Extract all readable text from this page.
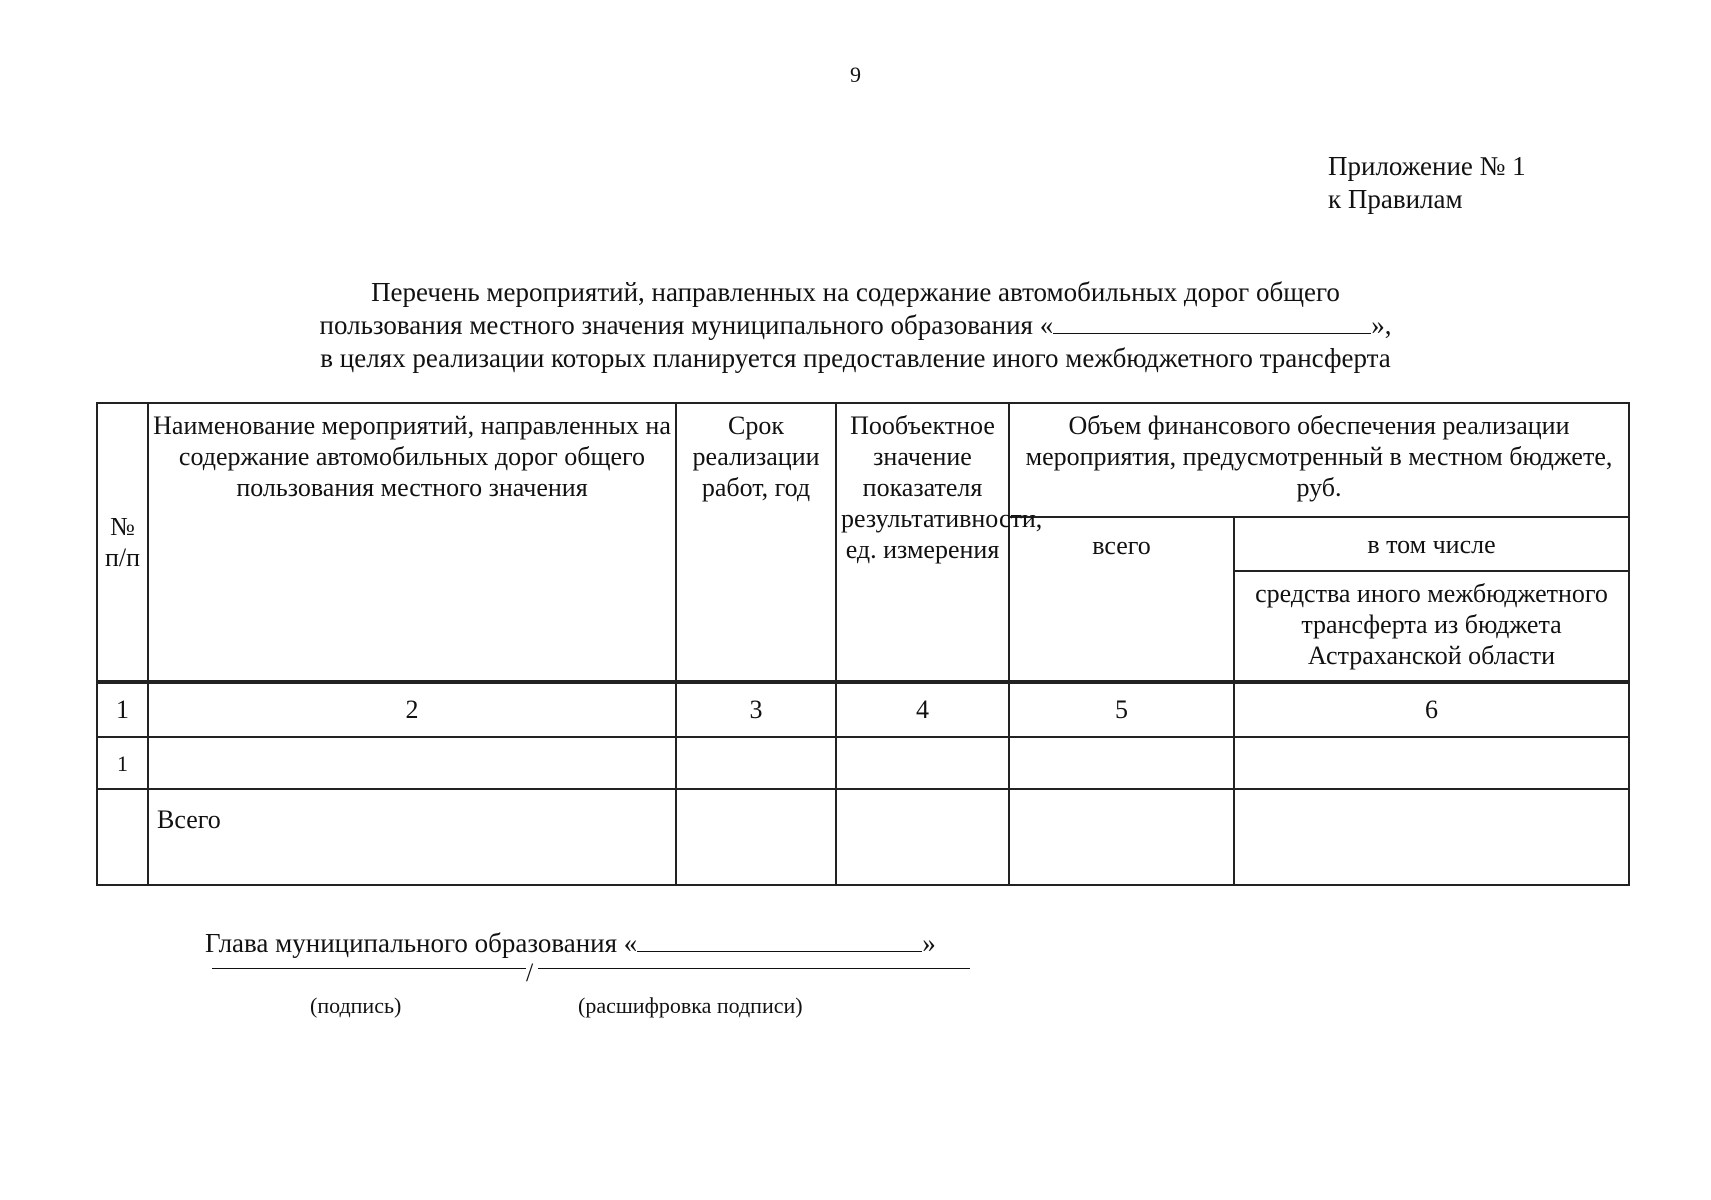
9
Приложение № 1
к Правилам
Перечень мероприятий, направленных на содержание автомобильных дорог общего
пользования местного значения муниципального образования «	»,
в целях реализации которых планируется предоставление иного межбюджетного трансферта
№ п/п	Наименование мероприятий, направленных на содержание автомобильных дорог общего пользования местного значения	Срок реализации работ, год	Пообъектное значение показателя результативности, ед. измерения	Объем финансового обеспечения реализации мероприятия, предусмотренный в местном бюджете, руб.	
				всего	в том числе
					средства иного межбюджетного трансферта из бюджета Астраханской области
1	2	3	4	5	6
1					
	Всего				
Глава муниципального образования «	»
/
(подпись)	(расшифровка подписи)
